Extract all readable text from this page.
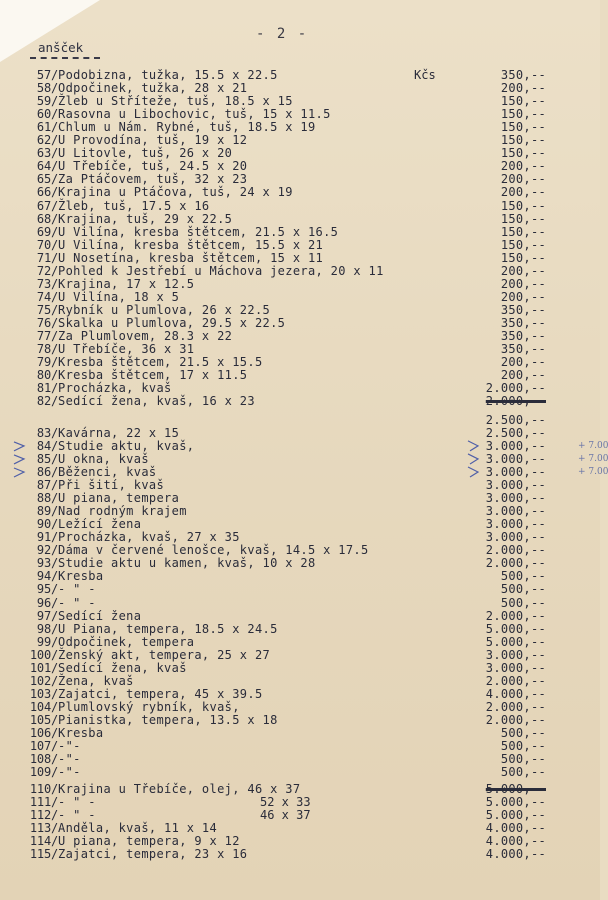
- 2 -
anšček
57/ Podobizna, tužka, 15.5 x 22.5	Kčs	350,--
58/ Odpočinek, tužka, 28 x 21	200,--
59/ Žleb u Stříteže, tuš, 18.5 x 15	150,--
60/ Rasovna u Libochovic, tuš, 15 x 11.5	150,--
61/ Chlum u Nám. Rybné, tuš, 18.5 x 19	150,--
62/ U Provodína, tuš, 19 x 12	150,--
63/ U Litovle, tuš, 26 x 20	150,--
64/ U Třebíče, tuš, 24.5 x 20	200,--
65/ Za Ptáčovem, tuš, 32 x 23	200,--
66/ Krajina u Ptáčova, tuš, 24 x 19	200,--
67/ Žleb, tuš, 17.5 x 16	150,--
68/ Krajina, tuš, 29 x 22.5	150,--
69/ U Vilína, kresba štětcem, 21.5 x 16.5	150,--
70/ U Vilína, kresba štětcem, 15.5 x 21	150,--
71/ U Nosetína, kresba štětcem, 15 x 11	150,--
72/ Pohled k Jestřebí u Máchova jezera, 20 x 11	200,--
73/ Krajina, 17 x 12.5	200,--
74/ U Vilína, 18 x 5	200,--
75/ Rybník u Plumlova, 26 x 22.5	350,--
76/ Skalka u Plumlova, 29.5 x 22.5	350,--
77/ Za Plumlovem, 28.3 x 22	350,--
78/ U Třebíče, 36 x 31	350,--
79/ Kresba štětcem, 21.5 x 15.5	200,--
80/ Kresba štětcem, 17 x 11.5	200,--
81/ Procházka, kvaš	2.000,--
82/ Sedící žena, kvaš, 16 x 23	2.000,--
2.500,--
83/ Kavárna, 22 x 15	2.500,--
84/ Studie aktu, kvaš,	3.000,--
85/ U okna, kvaš	3.000,--
86/ Běženci, kvaš	3.000,--
87/ Při šití, kvaš	3.000,--
88/ U piana, tempera	3.000,--
89/ Nad rodným krajem	3.000,--
90/ Ležící žena	3.000,--
91/ Procházka, kvaš, 27 x 35	3.000,--
92/ Dáma v červené lenošce, kvaš, 14.5 x 17.5	2.000,--
93/ Studie aktu u kamen, kvaš, 10 x 28	2.000,--
94/ Kresba	500,--
95/ - " -	500,--
96/ - " -	500,--
97/ Sedící žena	2.000,--
98/ U Piana, tempera, 18.5 x 24.5	5.000,--
99/ Odpočinek, tempera	5.000,--
100/ Ženský akt, tempera, 25 x 27	3.000,--
101/ Sedící žena, kvaš	3.000,--
102/ Žena, kvaš	2.000,--
103/ Zajatci, tempera, 45 x 39.5	4.000,--
104/ Plumlovský rybník, kvaš,	2.000,--
105/ Pianistka, tempera, 13.5 x 18	2.000,--
106/ Kresba	500,--
107/ -"-	500,--
108/ -"-	500,--
109/ -"-	500,--
110/ Krajina u Třebíče, olej, 46 x 37	5.000,--
111/ - " -	52 x 33	5.000,--
112/ - " -	46 x 37	5.000,--
113/ Anděla, kvaš, 11 x 14	4.000,--
114/ U piana, tempera, 9 x 12	4.000,--
115/ Zajatci, tempera, 23 x 16	4.000,--
+ 7.00
+ 7.00
+ 7.00
